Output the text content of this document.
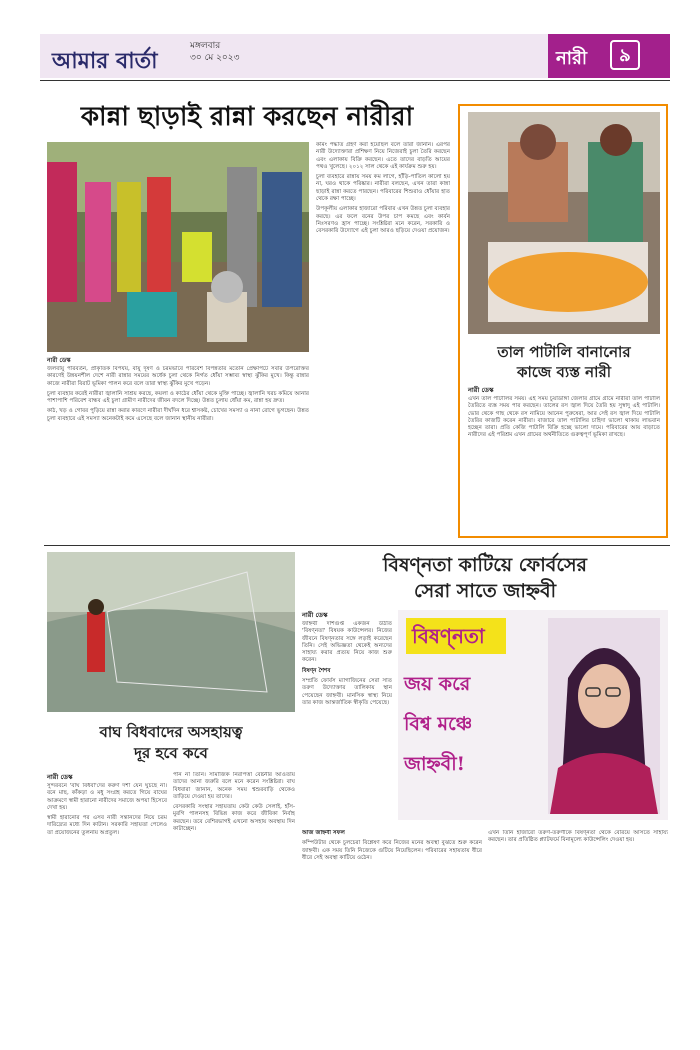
আমার বার্তা
মঙ্গলবার
৩০ মে ২০২৩	নারী	৯
কান্না ছাড়াই রান্না করছেন নারীরা
নারী ডেস্ক

জলবায়ু পরিবর্তন, প্রাকৃতিক বিপর্যয়, বায়ু দূষণ ও চরমভাবে পরিবেশ বিপন্নতার মতোন প্রেক্ষাপটে সবার উপরোক্তর কারণেই উন্নয়নশীল দেশে নারী রান্নার সময়ের অর্ধেক চুলা থেকে নির্গত ধোঁয়া সম্ভাব্য স্বাস্থ্য ঝুঁকির মুখে। কিন্তু রান্নার কাজে নারীরা বিরাট ভূমিকা পালন করে বলে তারা স্বাস্থ্য ঝুঁকির মুখে পড়েন।

চুলা ব্যবহার করেই নারীরা জ্বালানি সাশ্রয় করছে, কয়লা ও কাঠের ধোঁয়া থেকে মুক্তি পাচ্ছে। জ্বালানি খরচ কমিয়ে আনার পাশাপাশি পরিবেশ বান্ধব এই চুলা গ্রামীণ নারীদের জীবন বদলে দিচ্ছে। উন্নত চুলায় ধোঁয়া কম, রান্না হয় দ্রুত।

কাঠ, খড় ও গোবর পুড়িয়ে রান্না করার কারণে নারীরা দীর্ঘদিন ধরে শ্বাসকষ্ট, চোখের সমস্যা ও নানা রোগে ভুগছেন। উন্নত চুলা ব্যবহারে এই সমস্যা অনেকটাই কমে এসেছে বলে জানান স্থানীয় নারীরা।

কর্মিং পদ্ধতি গ্রহণ করা হয়েছিল বলে তারা জানান। এরপর নারী উদ্যোক্তারা প্রশিক্ষণ নিয়ে নিজেরাই চুলা তৈরি করছেন এবং এলাকায় বিক্রি করছেন। এতে তাদের বাড়তি আয়ের পথও খুলেছে। ২০১২ সাল থেকে এই কার্যক্রম শুরু হয়।

চুলা ব্যবহারে রান্নায় সময় কম লাগে, হাঁড়ি-পাতিল কালো হয় না, ঘরও থাকে পরিষ্কার। নারীরা বলছেন, এখন তারা কান্না ছাড়াই রান্না করতে পারছেন। পরিবারের শিশুরাও ধোঁয়ার হাত থেকে রক্ষা পাচ্ছে।

উপকূলীয় এলাকার হাজারো পরিবার এখন উন্নত চুলা ব্যবহার করছে। এর ফলে বনের উপর চাপ কমছে এবং কার্বন নিঃসরণও হ্রাস পাচ্ছে। সংশ্লিষ্টরা মনে করেন, সরকারি ও বেসরকারি উদ্যোগে এই চুলা আরও ছড়িয়ে দেওয়া প্রয়োজন।

তাল পাটালি বানানোর
কাজে ব্যস্ত নারী
নারী ডেস্ক
এখন তাল পাটালির সময়। এই সময় চুয়াডাঙ্গা জেলার গ্রামে গ্রামে নারীরা তাল পাটালি তৈরিতে ব্যস্ত সময় পার করছেন। তালের রস জ্বাল দিয়ে তৈরি হয় সুস্বাদু এই পাটালি। ভোর থেকে গাছ থেকে রস নামিয়ে আনেন পুরুষেরা, আর সেই রস জ্বাল দিয়ে পাটালি তৈরির কাজটি করেন নারীরা। বাজারে তাল পাটালির চাহিদা ভালো থাকায় লাভবান হচ্ছেন তারা। প্রতি কেজি পাটালি বিক্রি হচ্ছে ভালো দামে। পরিবারের আয় বাড়াতে নারীদের এই পরিশ্রম এখন গ্রামের অর্থনীতিতে গুরুত্বপূর্ণ ভূমিকা রাখছে।
বিষণ্নতা কাটিয়ে ফোর্বসের
সেরা সাতে জাহ্নবী
বাঘ বিধবাদের অসহায়ত্ব
দূর হবে কবে
নারী ডেস্ক

সুন্দরবনে 'বাঘ বিধবা'দের করুণ দশা যেন ঘুচছে না। বনে মাছ, কাঁকড়া ও মধু সংগ্রহ করতে গিয়ে বাঘের আক্রমণে স্বামী হারানো নারীদের সমাজে অপয়া হিসেবে দেখা হয়।

স্বামী হারানোর পর এসব নারী সন্তানদের নিয়ে চরম দারিদ্র্যের মধ্যে দিন কাটান। সরকারি সহায়তা পেলেও তা প্রয়োজনের তুলনায় অপ্রতুল।

পান না তিনি। সামাজিক নিরাপত্তা বেষ্টনীর আওতায় তাদের আনা জরুরি বলে মনে করেন সংশ্লিষ্টরা। বাঘ বিধবারা জানান, অনেক সময় শ্বশুরবাড়ি থেকেও তাড়িয়ে দেওয়া হয় তাদের।

বেসরকারি সংস্থার সহায়তায় কেউ কেউ সেলাই, হাঁস-মুরগি পালনসহ বিভিন্ন কাজ করে জীবিকা নির্বাহ করছেন। তবে বেশিরভাগই এখনো অসহায় অবস্থায় দিন কাটাচ্ছেন।

নারী ডেস্ক

জাহ্নবী দাশগুপ্ত একজন উঠতি 'বিষণ্নতা' বিষয়ক কাউন্সেলর। নিজের জীবনে বিষণ্নতার সঙ্গে লড়াই করেছেন তিনি। সেই অভিজ্ঞতা থেকেই অন্যদের সাহায্য করার প্রত্যয় নিয়ে কাজ শুরু করেন।

বিষণ্ন শৈশব

সম্প্রতি ফোর্বস ম্যাগাজিনের সেরা সাত তরুণ উদ্যোক্তার তালিকায় স্থান পেয়েছেন জাহ্নবী। মানসিক স্বাস্থ্য নিয়ে তার কাজ আন্তর্জাতিক স্বীকৃতি পেয়েছে।

বিষণ্নতা
জয় করে
বিশ্ব মঞ্চে
জাহ্নবী!

আজ জাহ্নবী সফল

কম্পিউটার থেকে চুলচেরা বিশ্লেষণ করে নিজের মনের অবস্থা বুঝতে শুরু করেন জাহ্নবী। এক সময় তিনি নিজেকে গুটিয়ে নিয়েছিলেন। পরিবারের সহায়তায় ধীরে ধীরে সেই অবস্থা কাটিয়ে ওঠেন।

এখন তিনি হাজারো তরুণ-তরুণীকে বিষণ্নতা থেকে বেরিয়ে আসতে সাহায্য করছেন। তার প্রতিষ্ঠিত প্ল্যাটফর্মে বিনামূল্যে কাউন্সেলিং দেওয়া হয়।
